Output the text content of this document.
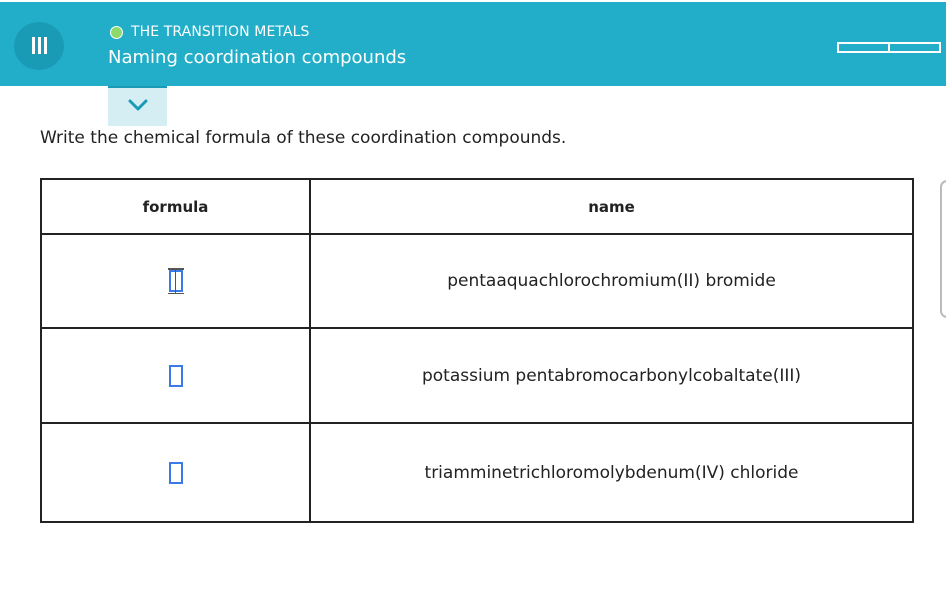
THE TRANSITION METALS
Naming coordination compounds
Write the chemical formula of these coordination compounds.
formula	name

	pentaaquachlorochromium(II) bromide
	potassium pentabromocarbonylcobaltate(III)
	triamminetrichloromolybdenum(IV) chloride
